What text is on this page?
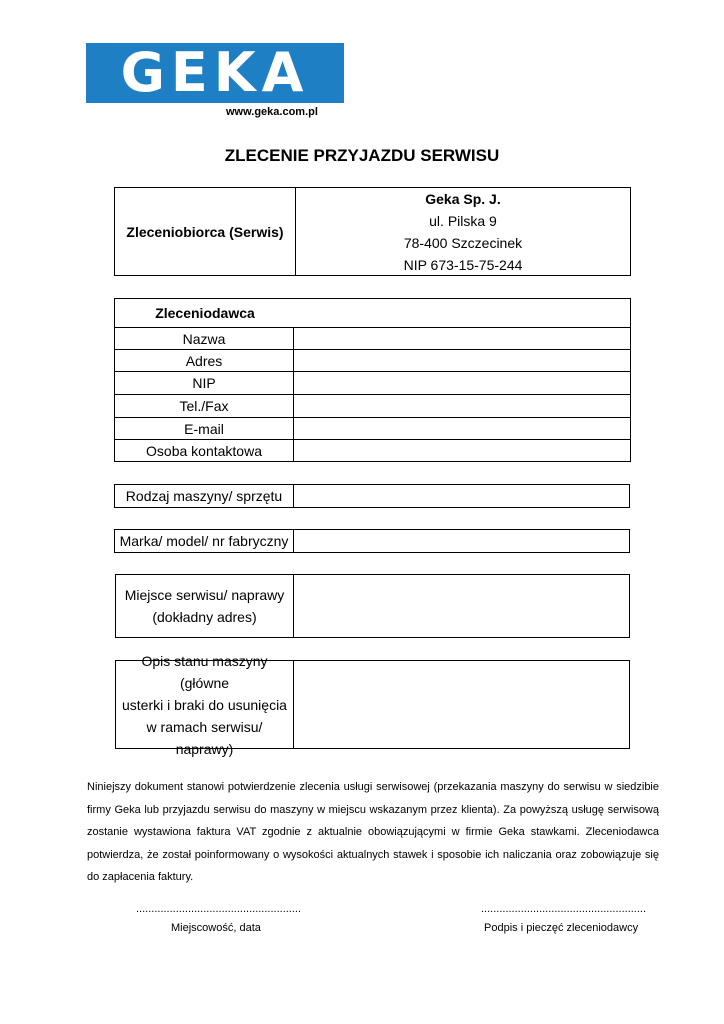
GEKA
www.geka.com.pl
ZLECENIE PRZYJAZDU SERWISU
Zleceniobiorca (Serwis)
Geka Sp. J.
ul. Pilska 9
78-400 Szczecinek
NIP 673-15-75-244
Zleceniodawca
Nazwa
Adres
NIP
Tel./Fax
E-mail
Osoba kontaktowa
Rodzaj maszyny/ sprzętu
Marka/ model/ nr fabryczny
Miejsce serwisu/ naprawy
(dokładny adres)
Opis stanu maszyny (główne
usterki i braki do usunięcia
w ramach serwisu/
naprawy)
Niniejszy dokument stanowi potwierdzenie zlecenia usługi serwisowej (przekazania maszyny do serwisu w siedzibie firmy Geka lub przyjazdu serwisu do maszyny w miejscu wskazanym przez klienta). Za powyższą usługę serwisową zostanie wystawiona faktura VAT zgodnie z aktualnie obowiązującymi w firmie Geka stawkami. Zleceniodawca potwierdza, że został poinformowany o wysokości aktualnych stawek i sposobie ich naliczania oraz zobowiązuje się do zapłacenia faktury.
......................................................
Miejscowość, data
......................................................
Podpis i pieczęć zleceniodawcy
